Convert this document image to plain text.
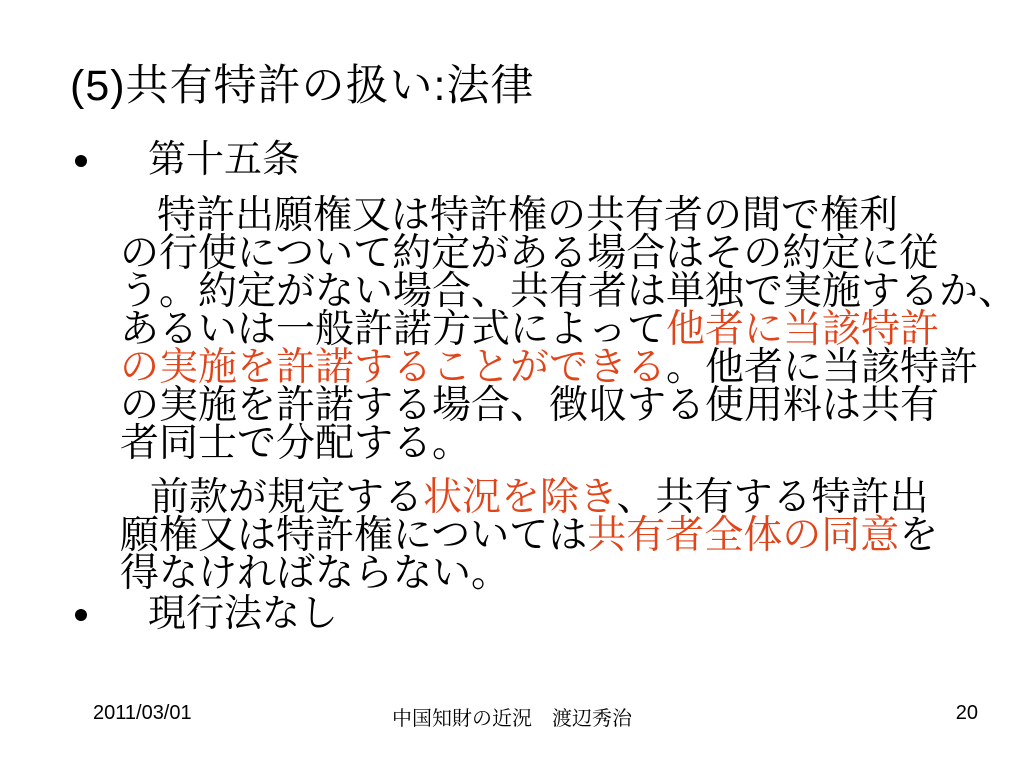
(5)共有特許の扱い:法律
第十五条
特許出願権又は特許権の共有者の間で権利
の行使について約定がある場合はその約定に従
う。約定がない場合、共有者は単独で実施するか、
あるいは一般許諾方式によって他者に当該特許
の実施を許諾することができる。他者に当該特許
の実施を許諾する場合、徴収する使用料は共有
者同士で分配する。
前款が規定する状況を除き、共有する特許出
願権又は特許権については共有者全体の同意を
得なければならない。
現行法なし
2011/03/01	中国知財の近況　渡辺秀治	20
